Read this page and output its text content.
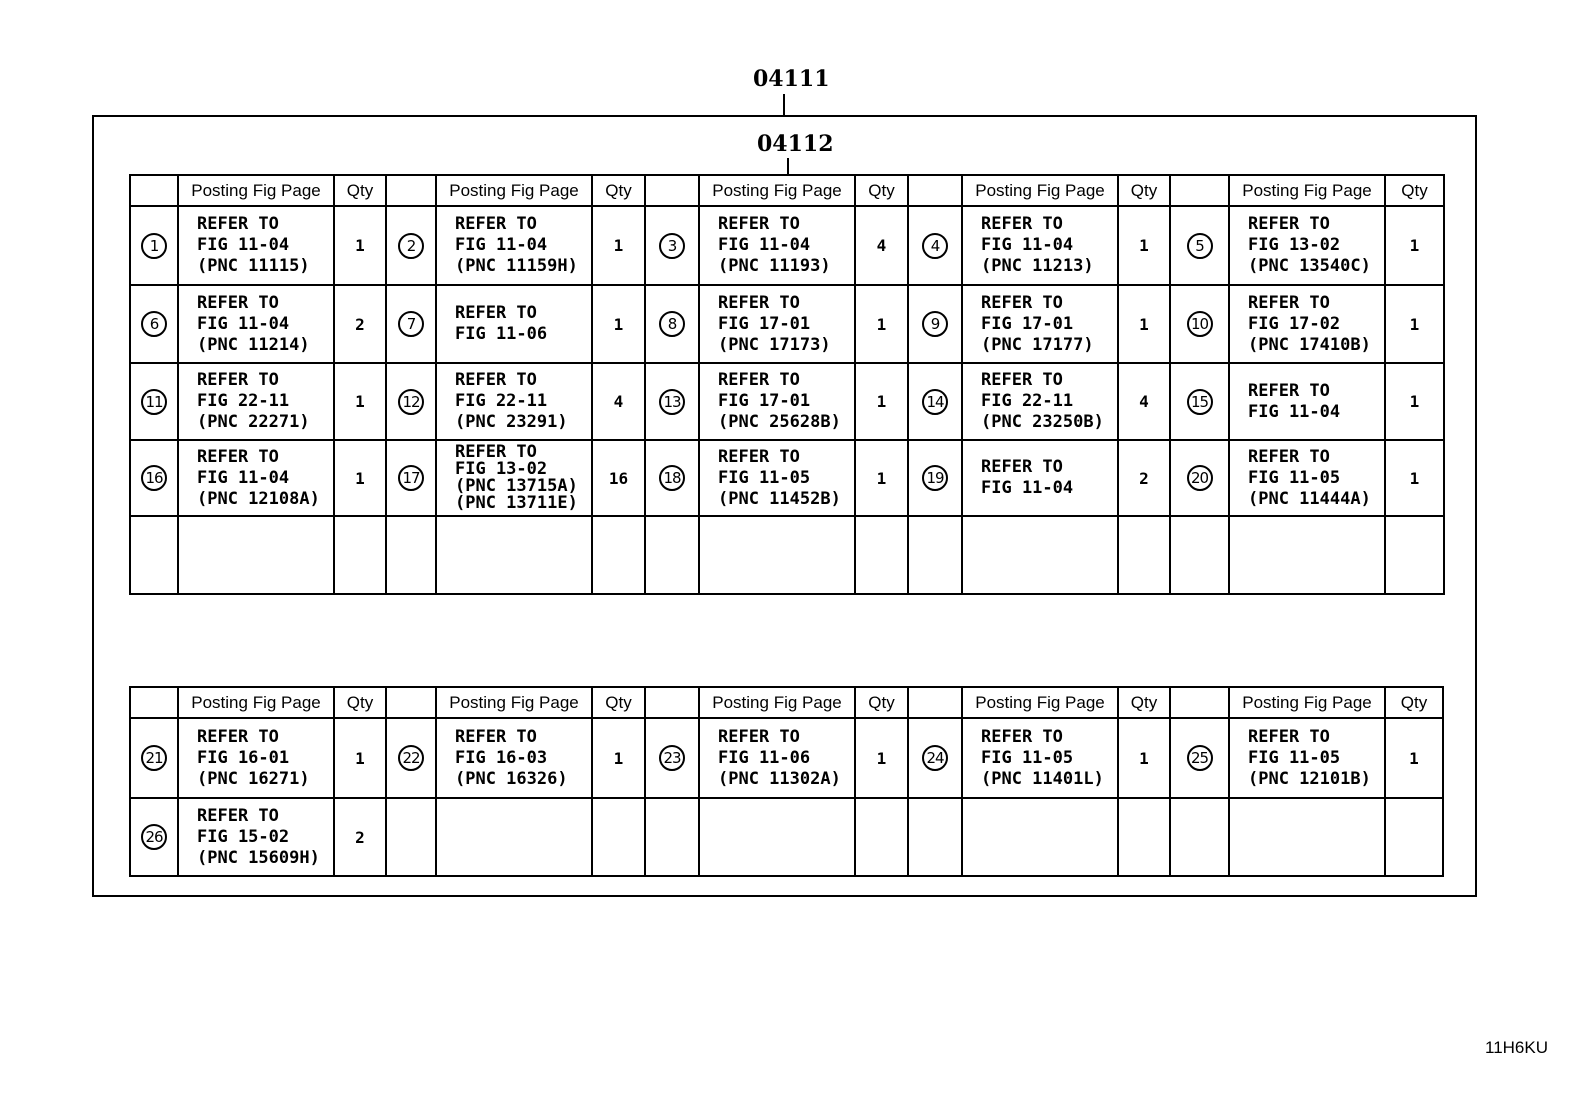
04111
04112
	Posting Fig Page	Qty		Posting Fig Page	Qty		Posting Fig Page	Qty		Posting Fig Page	Qty		Posting Fig Page	Qty
1	REFER TO
FIG 11-04
(PNC 11115)	1	2	REFER TO
FIG 11-04
(PNC 11159H)	1	3	REFER TO
FIG 11-04
(PNC 11193)	4	4	REFER TO
FIG 11-04
(PNC 11213)	1	5	REFER TO
FIG 13-02
(PNC 13540C)	1
6	REFER TO
FIG 11-04
(PNC 11214)	2	7	REFER TO
FIG 11-06	1	8	REFER TO
FIG 17-01
(PNC 17173)	1	9	REFER TO
FIG 17-01
(PNC 17177)	1	10	REFER TO
FIG 17-02
(PNC 17410B)	1
11	REFER TO
FIG 22-11
(PNC 22271)	1	12	REFER TO
FIG 22-11
(PNC 23291)	4	13	REFER TO
FIG 17-01
(PNC 25628B)	1	14	REFER TO
FIG 22-11
(PNC 23250B)	4	15	REFER TO
FIG 11-04	1
16	REFER TO
FIG 11-04
(PNC 12108A)	1	17	REFER TO
FIG 13-02
(PNC 13715A)
(PNC 13711E)	16	18	REFER TO
FIG 11-05
(PNC 11452B)	1	19	REFER TO
FIG 11-04	2	20	REFER TO
FIG 11-05
(PNC 11444A)	1

	Posting Fig Page	Qty		Posting Fig Page	Qty		Posting Fig Page	Qty		Posting Fig Page	Qty		Posting Fig Page	Qty
21	REFER TO
FIG 16-01
(PNC 16271)	1	22	REFER TO
FIG 16-03
(PNC 16326)	1	23	REFER TO
FIG 11-06
(PNC 11302A)	1	24	REFER TO
FIG 11-05
(PNC 11401L)	1	25	REFER TO
FIG 11-05
(PNC 12101B)	1
26	REFER TO
FIG 15-02
(PNC 15609H)	2												
11H6KU
